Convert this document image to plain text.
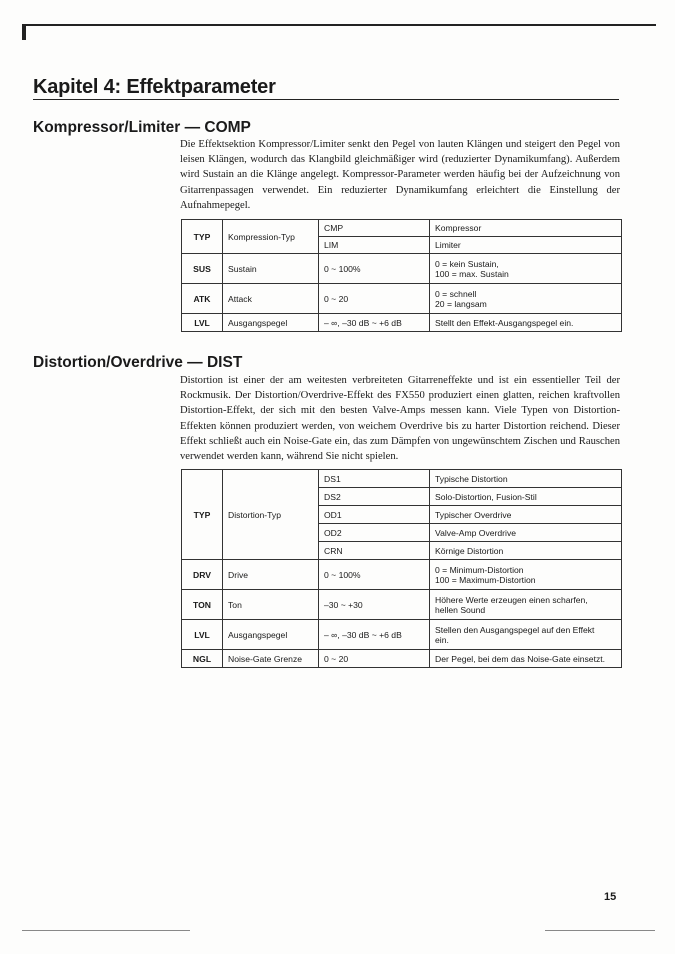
Kapitel 4: Effektparameter
Kompressor/Limiter — COMP

Die Effektsektion Kompressor/Limiter senkt den Pegel von lauten Klängen und steigert den Pegel von leisen Klängen, wodurch das Klangbild gleichmäßiger wird (reduzierter Dynamikumfang). Außerdem wird Sustain an die Klänge angelegt. Kompressor-Parameter werden häufig bei der Aufzeichnung von Gitarrenpassagen verwendet. Ein reduzierter Dynamikumfang erleichtert die Einstellung der Aufnahmepegel.

TYP	Kompression-Typ	CMP	Kompressor
		LIM	Limiter
SUS	Sustain	0 ~ 100%	0 = kein Sustain,
100 = max. Sustain

ATK	Attack	0 ~ 20	0 = schnell
20 = langsam

LVL	Ausgangspegel	– ∞, –30 dB ~ +6 dB	Stellt den Effekt-Ausgangspegel ein.
Distortion/Overdrive — DIST

Distortion ist einer der am weitesten verbreiteten Gitarreneffekte und ist ein essentieller Teil der Rockmusik. Der Distortion/Overdrive-Effekt des FX550 produziert einen glatten, reichen kraftvollen Distortion-Effekt, der sich mit den besten Valve-Amps messen kann. Viele Typen von Distortion-Effekten können produziert werden, von weichem Overdrive bis zu harter Distortion reichend. Dieser Effekt schließt auch ein Noise-Gate ein, das zum Dämpfen von ungewünschtem Zischen und Rauschen verwendet werden kann, während Sie nicht spielen.

TYP	Distortion-Typ	DS1	Typische Distortion
		DS2	Solo-Distortion, Fusion-Stil
		OD1	Typischer Overdrive
		OD2	Valve-Amp Overdrive
		CRN	Körnige Distortion
DRV	Drive	0 ~ 100%	0 = Minimum-Distortion
100 = Maximum-Distortion

TON	Ton	–30 ~ +30	Höhere Werte erzeugen einen scharfen,
hellen Sound

LVL	Ausgangspegel	– ∞, –30 dB ~ +6 dB	Stellen den Ausgangspegel auf den Effekt
ein.

NGL	Noise-Gate Grenze	0 ~ 20	Der Pegel, bei dem das Noise-Gate einsetzt.
15
